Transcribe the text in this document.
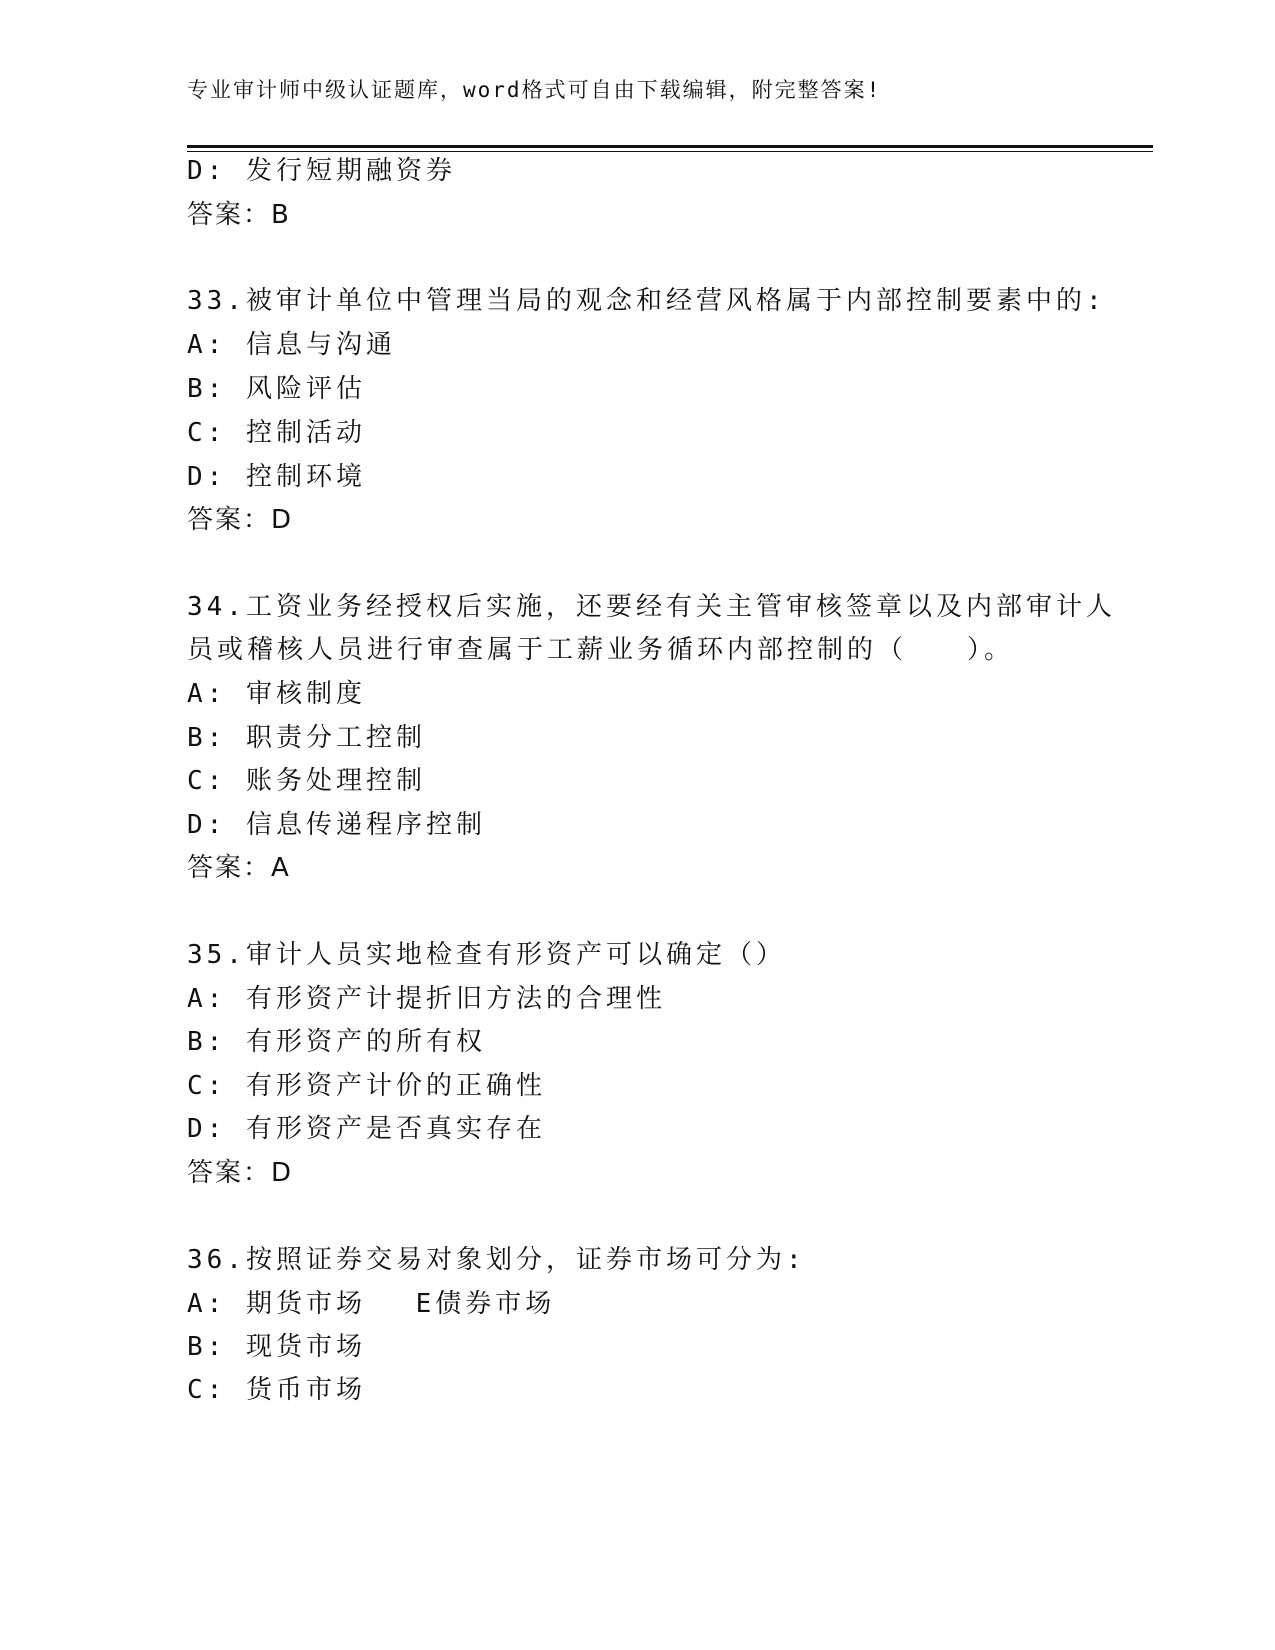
专业审计师中级认证题库，word格式可自由下载编辑，附完整答案!
D: 发行短期融资券
答案：B
33.被审计单位中管理当局的观念和经营风格属于内部控制要素中的:
A: 信息与沟通
B: 风险评估
C: 控制活动
D: 控制环境
答案：D
34.工资业务经授权后实施，还要经有关主管审核签章以及内部审计人
员或稽核人员进行审查属于工薪业务循环内部控制的（　　）。
A: 审核制度
B: 职责分工控制
C: 账务处理控制
D: 信息传递程序控制
答案：A
35.审计人员实地检查有形资产可以确定（）
A: 有形资产计提折旧方法的合理性
B: 有形资产的所有权
C: 有形资产计价的正确性
D: 有形资产是否真实存在
答案：D
36.按照证券交易对象划分，证券市场可分为:
A: 期货市场　 E债券市场
B: 现货市场
C: 货币市场
